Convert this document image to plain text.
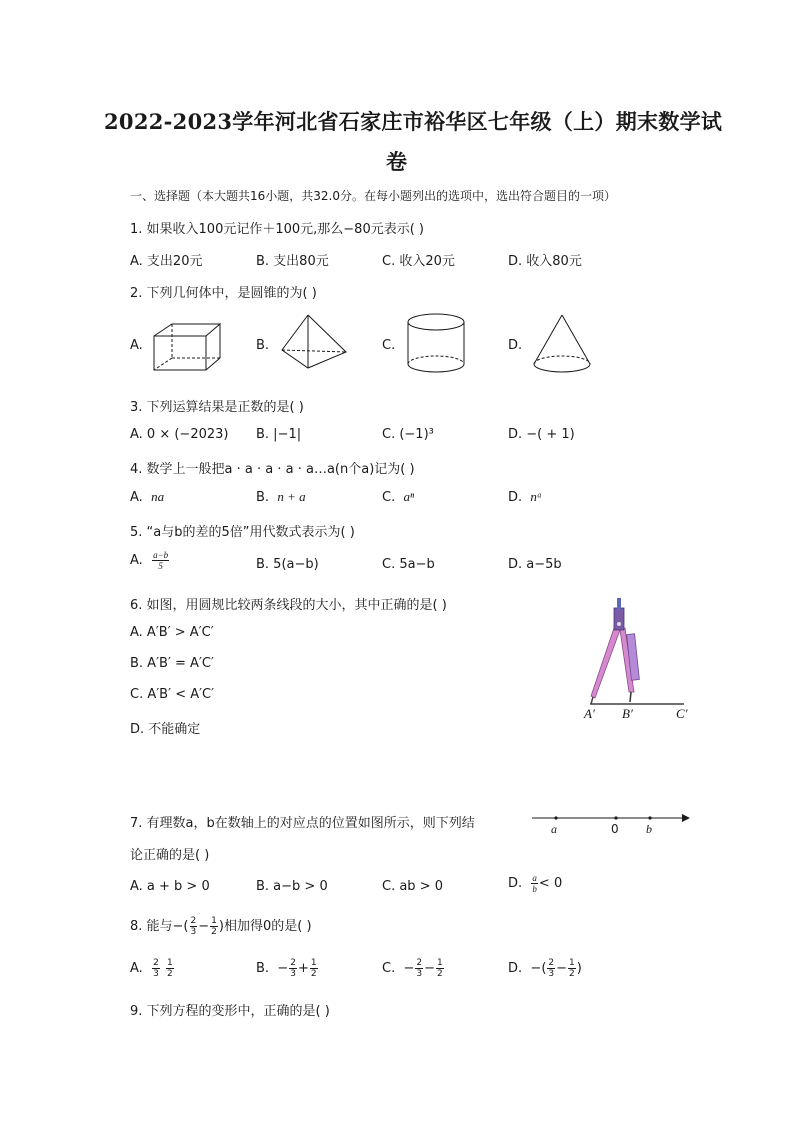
2022-2023学年河北省石家庄市裕华区七年级（上）期末数学试
卷
一、选择题（本大题共16小题，共32.0分。在每小题列出的选项中，选出符合题目的一项）
1. 如果收入100元记作＋100元,那么−80元表示( )
A. 支出20元	B. 支出80元	C. 收入20元	D. 收入80元
2. 下列几何体中，是圆锥的为( )
A.	B.	C.	D.
3. 下列运算结果是正数的是( )
A. 0 × (−2023) B. |−1|	C. (−1)³	D. −( + 1)
4. 数学上一般把a · a · a · a · a…a(n个a)记为( )
A. na	B. n + a	C. aⁿ	D. nᵃ
5. “a与b的差的5倍”用代数式表示为( )
A. $\frac{a-b}{5}$	B. 5(a−b)	C. 5a−b	D. a−5b
6. 如图，用圆规比较两条线段的大小，其中正确的是( )
A. A′B′ > A′C′
B. A′B′ = A′C′
C. A′B′ < A′C′
D. 不能确定
A′ B′	C′
7. 有理数a，b在数轴上的对应点的位置如图所示，则下列结
论正确的是( )
a	0 b
A. a + b > 0	B. a−b > 0	C. ab > 0	D. $\frac{a}{b} < 0$
8. 能与−( $\frac{2}{3} - \frac{1}{2}$ )相加得0的是( )
A. $\frac{2}{3}$
$\frac{1}{2}$	B. − $\frac{2}{3} + \frac{1}{2}$	C. − $\frac{2}{3} - \frac{1}{2}$	D. −( $\frac{2}{3} - \frac{1}{2}$ )
9. 下列方程的变形中，正确的是( )
